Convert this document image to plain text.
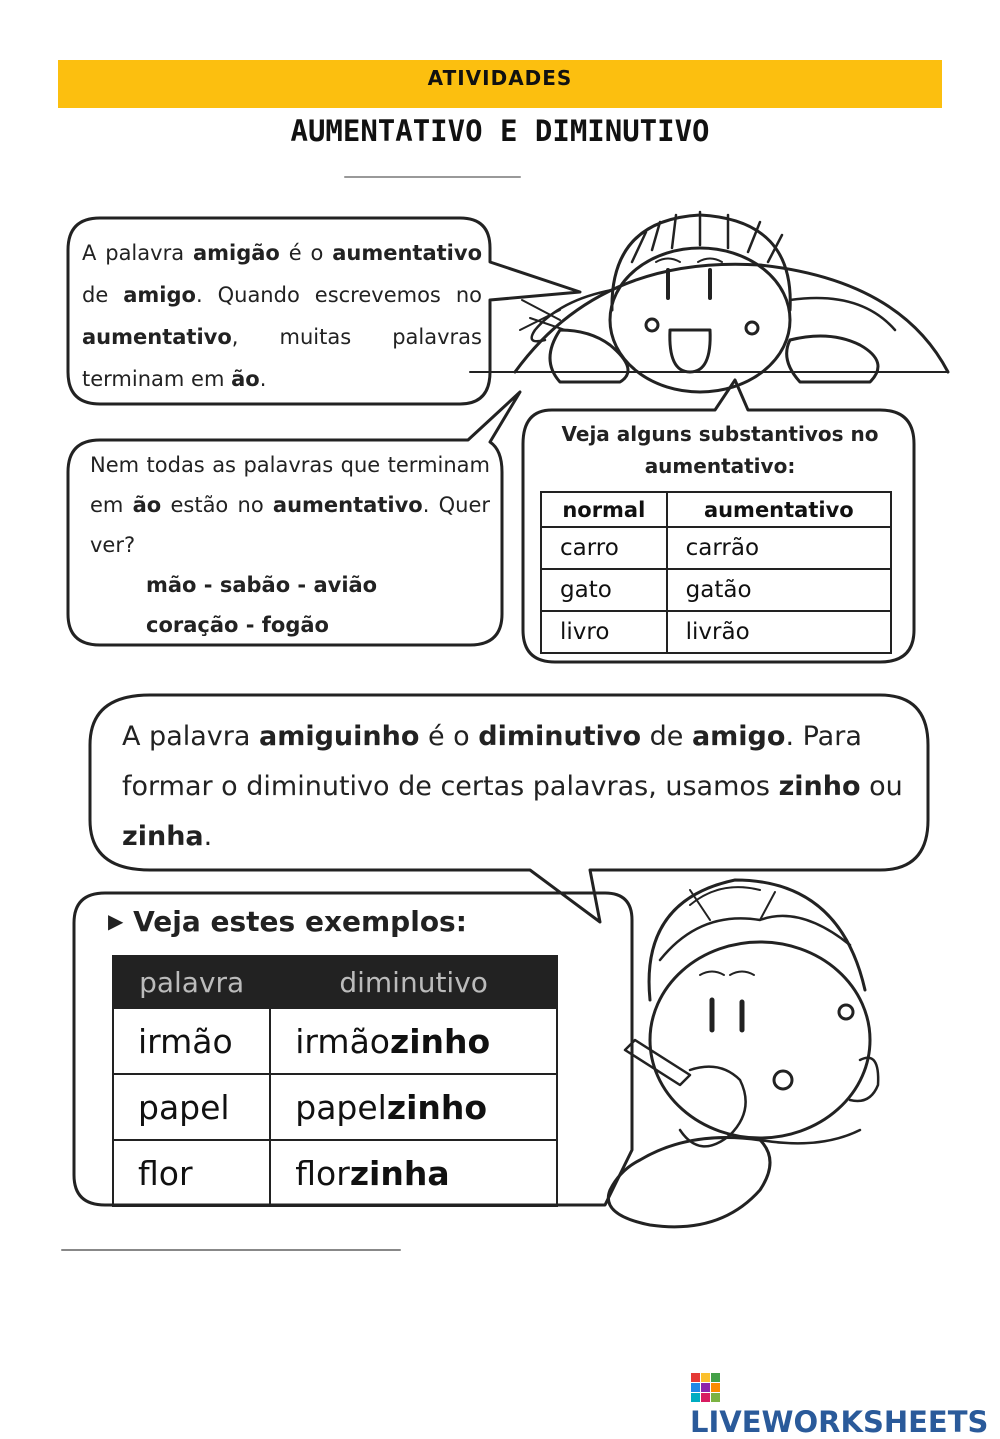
ATIVIDADES
AUMENTATIVO E DIMINUTIVO
A palavra amigão é o aumentativo de amigo. Quando escrevemos no aumentativo, muitas palavras terminam em ão.
Nem todas as palavras que terminam em ão estão no aumentativo. Quer ver?
mão - sabão - avião
coração - fogão
Veja alguns substantivos no aumentativo:
normal	aumentativo
carro	carrão
gato	gatão
livro	livrão
A palavra amiguinho é o diminutivo de amigo. Para formar o diminutivo de certas palavras, usamos zinho ou zinha.
▶ Veja estes exemplos:
palavra	diminutivo
irmão	irmãozinho
papel	papelzinho
flor	florzinha
LIVEWORKSHEETS
